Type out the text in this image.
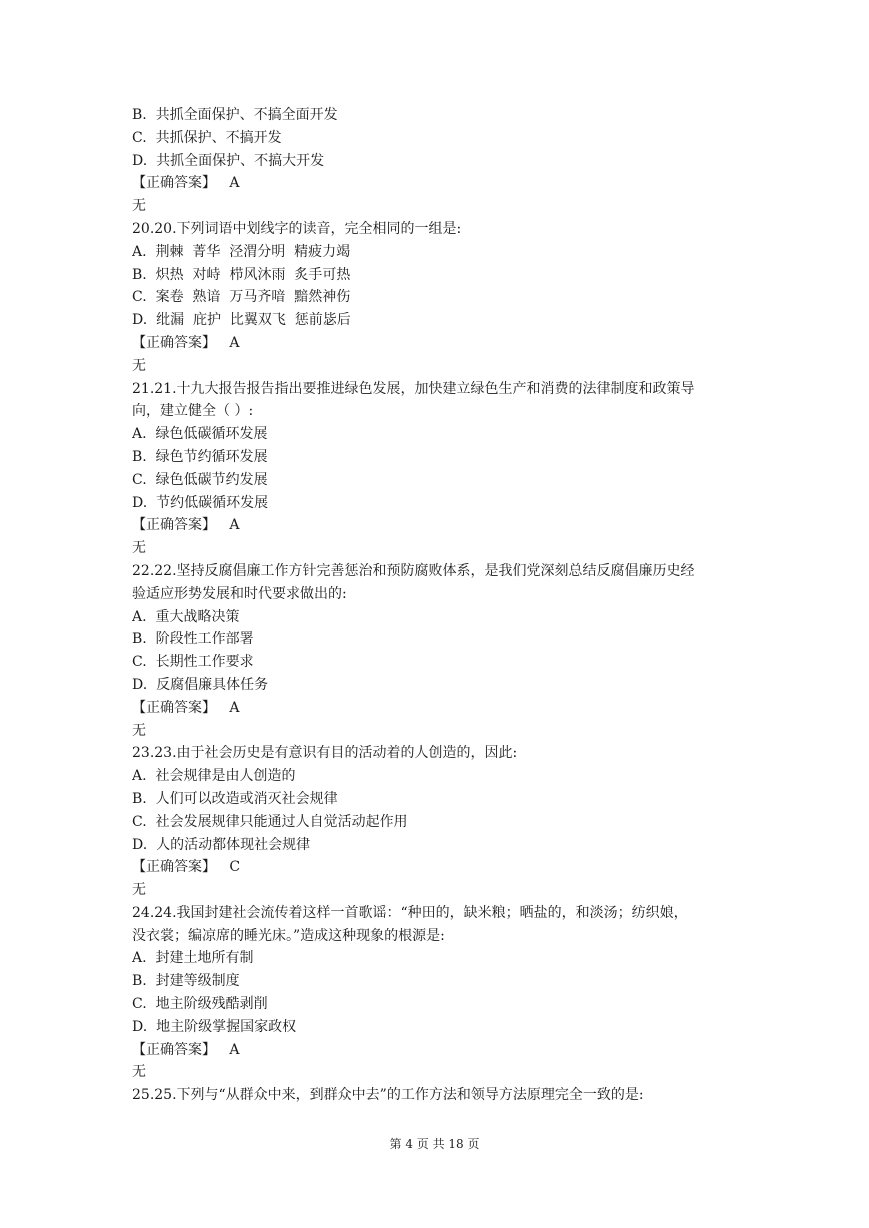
B.  共抓全面保护、不搞全面开发
C.  共抓保护、不搞开发
D.  共抓全面保护、不搞大开发
【正确答案】   A
无
20.20.下列词语中划线字的读音，完全相同的一组是:
A.  荆棘  菁华  泾渭分明  精疲力竭
B.  炽热  对峙  栉风沐雨  炙手可热
C.  案卷  熟谙  万马齐喑  黯然神伤
D.  纰漏  庇护  比翼双飞  惩前毖后
【正确答案】   A
无
21.21.十九大报告报告指出要推进绿色发展，加快建立绿色生产和消费的法律制度和政策导
向，建立健全（ ）:
A.  绿色低碳循环发展
B.  绿色节约循环发展
C.  绿色低碳节约发展
D.  节约低碳循环发展
【正确答案】   A
无
22.22.坚持反腐倡廉工作方针完善惩治和预防腐败体系，是我们党深刻总结反腐倡廉历史经
验适应形势发展和时代要求做出的:
A.  重大战略决策
B.  阶段性工作部署
C.  长期性工作要求
D.  反腐倡廉具体任务
【正确答案】   A
无
23.23.由于社会历史是有意识有目的活动着的人创造的，因此:
A.  社会规律是由人创造的
B.  人们可以改造或消灭社会规律
C.  社会发展规律只能通过人自觉活动起作用
D.  人的活动都体现社会规律
【正确答案】   C
无
24.24.我国封建社会流传着这样一首歌谣：“种田的，缺米粮；晒盐的，和淡汤；纺织娘，
没衣裳；编凉席的睡光床。”造成这种现象的根源是:
A.  封建土地所有制
B.  封建等级制度
C.  地主阶级残酷剥削
D.  地主阶级掌握国家政权
【正确答案】   A
无
25.25.下列与“从群众中来，到群众中去”的工作方法和领导方法原理完全一致的是:
第 4 页 共 18 页
